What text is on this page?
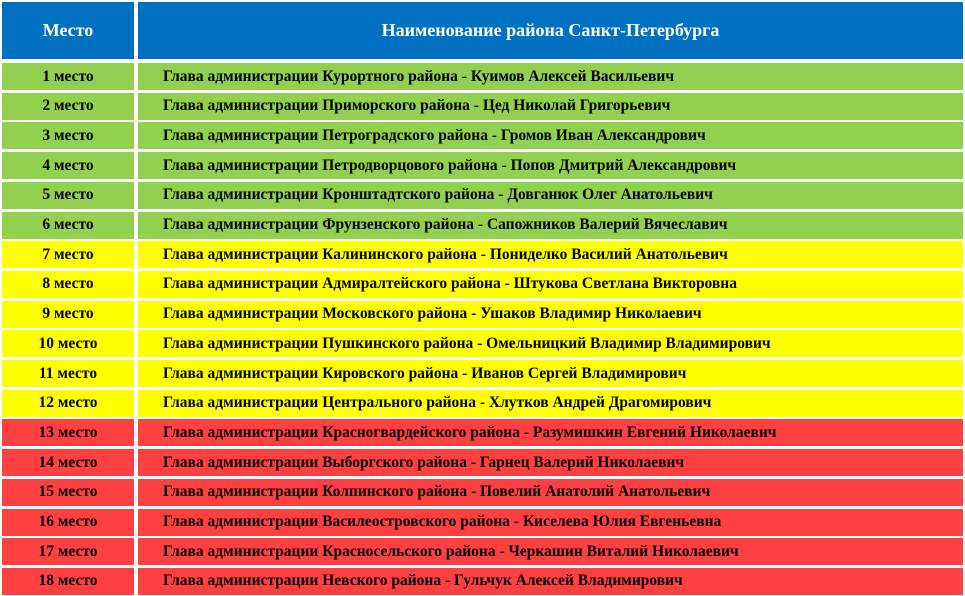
Место	Наименование района Санкт-Петербурга
1 место	Глава администрации Курортного района - Куимов Алексей Васильевич
2 место	Глава администрации Приморского района - Цед Николай Григорьевич
3 место	Глава администрации Петроградского района - Громов Иван Александрович
4 место	Глава администрации Петродворцового района - Попов Дмитрий Александрович
5 место	Глава администрации Кронштадтского района - Довганюк Олег Анатольевич
6 место	Глава администрации Фрунзенского района - Сапожников Валерий Вячеславич
7 место	Глава администрации Калининского района - Пониделко Василий Анатольевич
8 место	Глава администрации Адмиралтейского района - Штукова Светлана Викторовна
9 место	Глава администрации Московского района - Ушаков Владимир Николаевич
10 место	Глава администрации Пушкинского района - Омельницкий Владимир Владимирович
11 место	Глава администрации Кировского района - Иванов Сергей Владимирович
12 место	Глава администрации Центрального района - Хлутков Андрей Драгомирович
13 место	Глава администрации Красногвардейского района - Разумишкин Евгений Николаевич
14 место	Глава администрации Выборгского района - Гарнец Валерий Николаевич
15 место	Глава администрации Колпинского района - Повелий Анатолий Анатольевич
16 место	Глава администрации Василеостровского района - Киселева Юлия Евгеньевна
17 место	Глава администрации Красносельского района - Черкашин Виталий Николаевич
18 место	Глава администрации Невского района - Гульчук Алексей Владимирович
